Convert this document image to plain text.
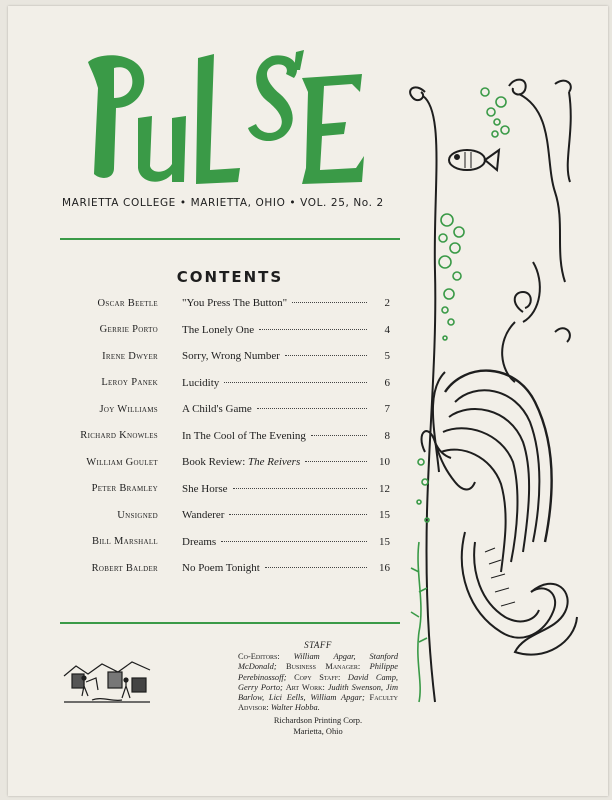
MARIETTA COLLEGE • MARIETTA, OHIO • VOL. 25, No. 2
CONTENTS
Oscar Beetle	"You Press The Button"	2
Gerrie Porto	The Lonely One	4
Irene Dwyer	Sorry, Wrong Number	5
Leroy Panek	Lucidity	6
Joy Williams	A Child's Game	7
Richard Knowles	In The Cool of The Evening	8
William Goulet	Book Review: The Reivers	10
Peter Bramley	She Horse	12
Unsigned	Wanderer	15
Bill Marshall	Dreams	15
Robert Balder	No Poem Tonight	16
STAFF
Co-Editors: William Apgar, Stanford McDonald; Business Manager: Philippe Perebinossoff; Copy Staff: David Camp, Gerry Porto; Art Work: Judith Swenson, Jim Barlow, Lici Eells, William Apgar; Faculty Advisor: Walter Hobba.
Richardson Printing Corp.
Marietta, Ohio
